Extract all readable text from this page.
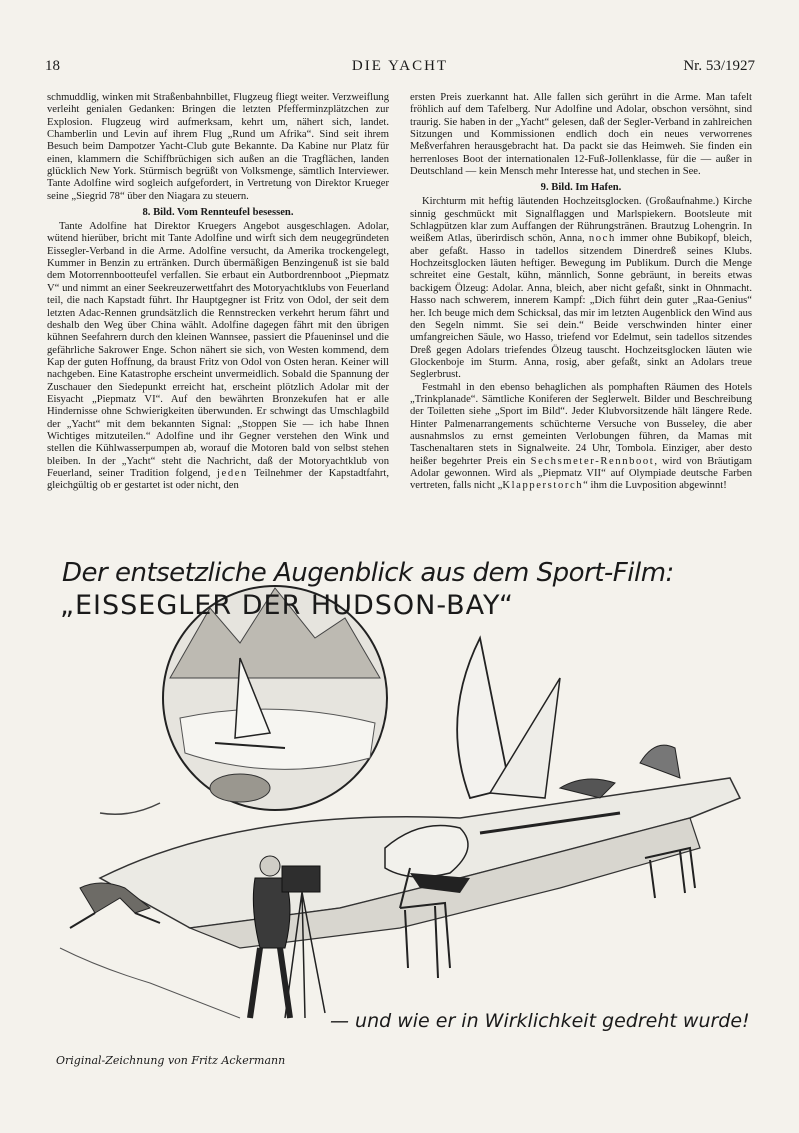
18	DIE YACHT	Nr. 53/1927

schmuddlig, winken mit Straßenbahnbillet, Flugzeug fliegt weiter. Verzweiflung verleiht genialen Gedanken: Bringen die letzten Pfefferminzplätzchen zur Explosion. Flugzeug wird aufmerksam, kehrt um, nähert sich, landet. Chamberlin und Levin auf ihrem Flug „Rund um Afrika“. Sind seit ihrem Besuch beim Dampotzer Yacht-Club gute Bekannte. Da Kabine nur Platz für einen, klammern die Schiffbrüchigen sich außen an die Tragflächen, landen glücklich New York. Stürmisch begrüßt von Volksmenge, sämtlich Interviewer. Tante Adolfine wird sogleich aufgefordert, in Vertretung von Direktor Krueger seine „Siegrid 78“ über den Niagara zu steuern.

8. Bild. Vom Rennteufel besessen.

Tante Adolfine hat Direktor Kruegers Angebot ausgeschlagen. Adolar, wütend hierüber, bricht mit Tante Adolfine und wirft sich dem neugegründeten Eissegler-Verband in die Arme. Adolfine versucht, da Amerika trockengelegt, Kummer in Benzin zu ertränken. Durch übermäßigen Benzingenuß ist sie bald dem Motorrennbootteufel verfallen. Sie erbaut ein Autbordrennboot „Piepmatz V“ und nimmt an einer Seekreuzerwettfahrt des Motoryachtklubs von Feuerland teil, die nach Kapstadt führt. Ihr Hauptgegner ist Fritz von Odol, der seit dem letzten Adac-Rennen grundsätzlich die Rennstrecken verkehrt herum fährt und deshalb den Weg über China wählt. Adolfine dagegen fährt mit den übrigen kühnen Seefahrern durch den kleinen Wannsee, passiert die Pfaueninsel und die gefährliche Sakrower Enge. Schon nähert sie sich, von Westen kommend, dem Kap der guten Hoffnung, da braust Fritz von Odol von Osten heran. Keiner will nachgeben. Eine Katastrophe erscheint unvermeidlich. Sobald die Spannung der Zuschauer den Siedepunkt erreicht hat, erscheint plötzlich Adolar mit der Eisyacht „Piepmatz VI“. Auf den bewährten Bronzekufen hat er alle Hindernisse ohne Schwierigkeiten überwunden. Er schwingt das Umschlagbild der „Yacht“ mit dem bekannten Signal: „Stoppen Sie — ich habe Ihnen Wichtiges mitzuteilen.“ Adolfine und ihr Gegner verstehen den Wink und stellen die Kühlwasserpumpen ab, worauf die Motoren bald von selbst stehen bleiben. In der „Yacht“ steht die Nachricht, daß der Motoryachtklub von Feuerland, seiner Tradition folgend, jeden Teilnehmer der Kapstadtfahrt, gleichgültig ob er gestartet ist oder nicht, den

ersten Preis zuerkannt hat. Alle fallen sich gerührt in die Arme. Man tafelt fröhlich auf dem Tafelberg. Nur Adolfine und Adolar, obschon versöhnt, sind traurig. Sie haben in der „Yacht“ gelesen, daß der Segler-Verband in zahlreichen Sitzungen und Kommissionen endlich doch ein neues verworrenes Meßverfahren herausgebracht hat. Da packt sie das Heimweh. Sie finden ein herrenloses Boot der internationalen 12-Fuß-Jollenklasse, für die — außer in Deutschland — kein Mensch mehr Interesse hat, und stechen in See.

9. Bild. Im Hafen.

Kirchturm mit heftig läutenden Hochzeitsglocken. (Großaufnahme.) Kirche sinnig geschmückt mit Signalflaggen und Marlspiekern. Bootsleute mit Schlagpützen klar zum Auffangen der Rührungstränen. Brautzug Lohengrin. In weißem Atlas, überirdisch schön, Anna, noch immer ohne Bubikopf, bleich, aber gefaßt. Hasso in tadellos sitzendem Dinerdreß seines Klubs. Hochzeitsglocken läuten heftiger. Bewegung im Publikum. Durch die Menge schreitet eine Gestalt, kühn, männlich, Sonne gebräunt, in bereits etwas backigem Ölzeug: Adolar. Anna, bleich, aber nicht gefaßt, sinkt in Ohnmacht. Hasso nach schwerem, innerem Kampf: „Dich führt dein guter „Raa-Genius“ her. Ich beuge mich dem Schicksal, das mir im letzten Augenblick den Wind aus den Segeln nimmt. Sie sei dein.“ Beide verschwinden hinter einer umfangreichen Säule, wo Hasso, triefend vor Edelmut, sein tadellos sitzendes Dreß gegen Adolars triefendes Ölzeug tauscht. Hochzeitsglocken läuten wie Glockenboje im Sturm. Anna, rosig, aber gefaßt, sinkt an Adolars treue Seglerbrust.

Festmahl in den ebenso behaglichen als pomphaften Räumen des Hotels „Trinkplanade“. Sämtliche Koniferen der Seglerwelt. Bilder und Beschreibung der Toiletten siehe „Sport im Bild“. Jeder Klubvorsitzende hält längere Rede. Hinter Palmenarrangements schüchterne Versuche von Busseley, die aber ausnahmslos zu ernst gemeinten Verlobungen führen, da Mamas mit Taschenaltaren stets in Signalweite. 24 Uhr, Tombola. Einziger, aber desto heißer begehrter Preis ein Sechsmeter-Rennboot, wird von Bräutigam Adolar gewonnen. Wird als „Piepmatz VII“ auf Olympiade deutsche Farben vertreten, falls nicht „Klapperstorch“ ihm die Luvposition abgewinnt!

Der entsetzliche Augenblick aus dem Sport-Film:
„EISSEGLER DER HUDSON-BAY“
— und wie er in Wirklichkeit gedreht wurde!
Original-Zeichnung von Fritz Ackermann
